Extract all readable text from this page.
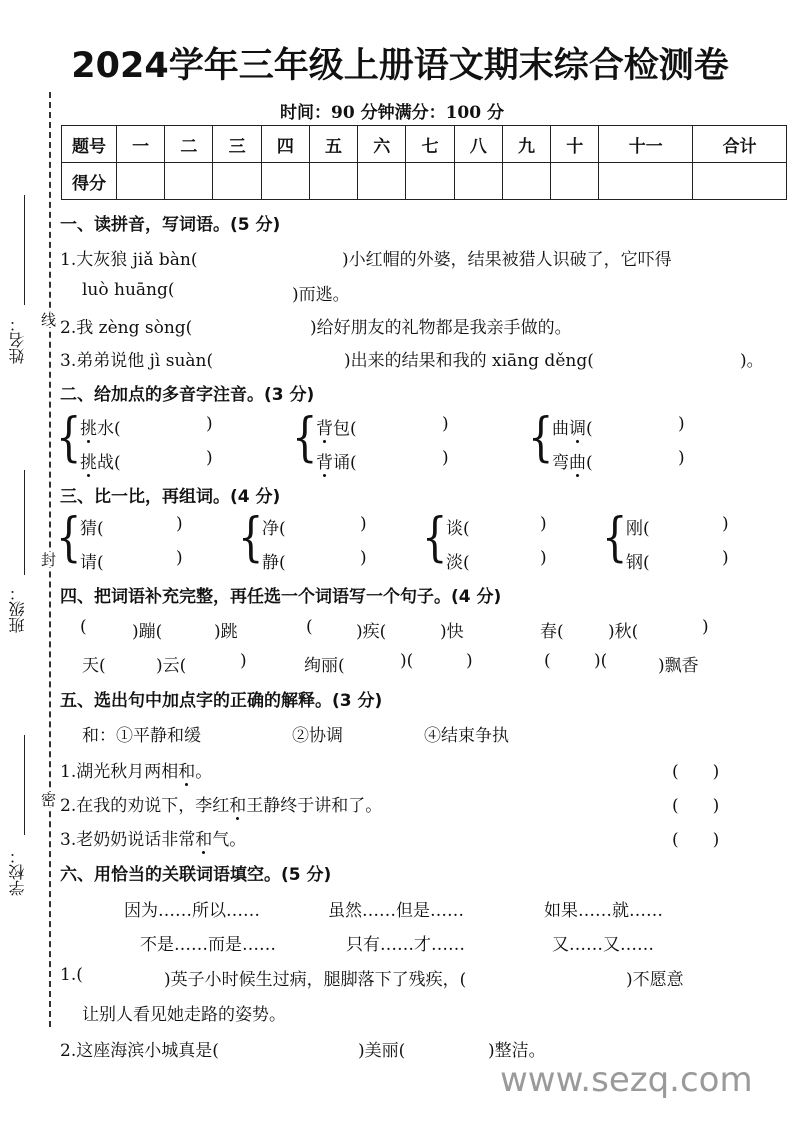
2024学年三年级上册语文期末综合检测卷
时间：90 分钟满分：100 分
题号	一	二	三	四	五	六	七	八	九	十	十一	合计
得分												
姓名：
班级：
学校：
线
封
密
一、读拼音，写词语。(5 分)
1.大灰狼 jiǎ bàn(	)小红帽的外婆，结果被猎人识破了，它吓得
luò huāng(	)而逃。
2.我 zèng sòng(	)给好朋友的礼物都是我亲手做的。
3.弟弟说他 jì suàn(	)出来的结果和我的 xiāng děng(	)。
二、给加点的多音字注音。(3 分)
{
挑水(	)
挑战(	) {
背包(	)
背诵(	) {
曲调(	)
弯曲(	)
三、比一比，再组词。(4 分)
{
猜(	)
请(	) {
净(	)
静(	) {
谈(	)
淡(	) {
刚(	)
钢(	)
四、把词语补充完整，再任选一个词语写一个句子。(4 分)
(	)蹦(	)跳	(	)疾(	)快	春(	)秋(	)
天(	)云(	)	绚丽(	)(	)	(	)(	)飘香
五、选出句中加点字的正确的解释。(3 分)
和：①平静和缓	②协调	④结束争执
1.湖光秋月两相和。	(　　)
2.在我的劝说下，李红和王静终于讲和了。	(　　)
3.老奶奶说话非常和气。	(　　)
六、用恰当的关联词语填空。(5 分)
因为……所以……	虽然……但是……	如果……就……
不是……而是……	只有……才……	又……又……
1.(	)英子小时候生过病，腿脚落下了残疾，(	)不愿意
让别人看见她走路的姿势。
2.这座海滨小城真是(	)美丽(	)整洁。
www.sezq.com
